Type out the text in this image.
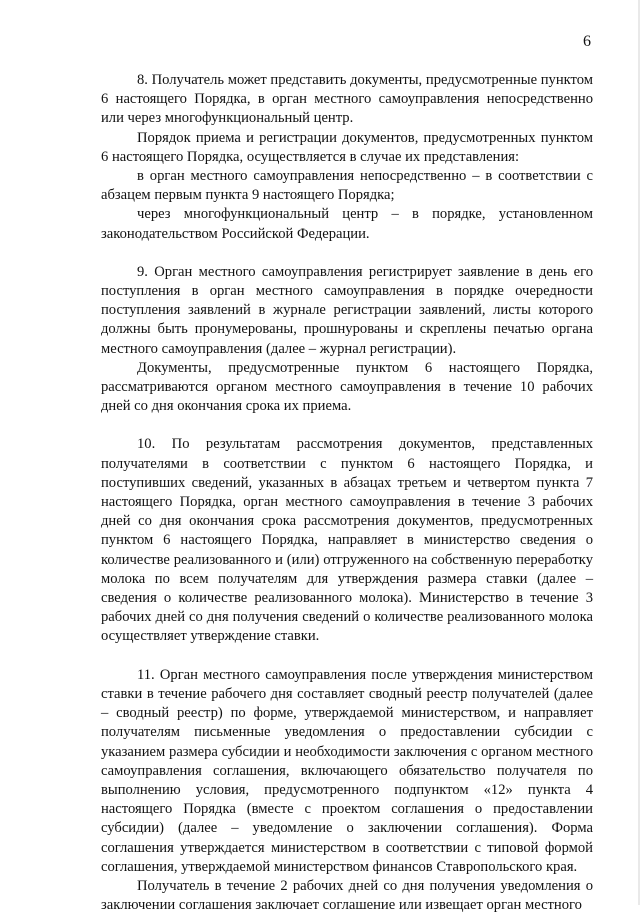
6

8. Получатель может представить документы, предусмотренные пунктом 6 настоящего Порядка, в орган местного самоуправления непосредственно или через многофункциональный центр.

Порядок приема и регистрации документов, предусмотренных пунктом 6 настоящего Порядка, осуществляется в случае их представления:

в орган местного самоуправления непосредственно – в соответствии с абзацем первым пункта 9 настоящего Порядка;

через многофункциональный центр – в порядке, установленном законодательством Российской Федерации.

9. Орган местного самоуправления регистрирует заявление в день его поступления в орган местного самоуправления в порядке очередности поступления заявлений в журнале регистрации заявлений, листы которого должны быть пронумерованы, прошнурованы и скреплены печатью органа местного самоуправления (далее – журнал регистрации).

Документы, предусмотренные пунктом 6 настоящего Порядка, рассматриваются органом местного самоуправления в течение 10 рабочих дней со дня окончания срока их приема.

10. По результатам рассмотрения документов, представленных получателями в соответствии с пунктом 6 настоящего Порядка, и поступивших сведений, указанных в абзацах третьем и четвертом пункта 7 настоящего Порядка, орган местного самоуправления в течение 3 рабочих дней со дня окончания срока рассмотрения документов, предусмотренных пунктом 6 настоящего Порядка, направляет в министерство сведения о количестве реализованного и (или) отгруженного на собственную переработку молока по всем получателям для утверждения размера ставки (далее – сведения о количестве реализованного молока). Министерство в течение 3 рабочих дней со дня получения сведений о количестве реализованного молока осуществляет утверждение ставки.

11. Орган местного самоуправления после утверждения министерством ставки в течение рабочего дня составляет сводный реестр получателей (далее – сводный реестр) по форме, утверждаемой министерством, и направляет получателям письменные уведомления о предоставлении субсидии с указанием размера субсидии и необходимости заключения с органом местного самоуправления соглашения, включающего обязательство получателя по выполнению условия, предусмотренного подпунктом «12» пункта 4 настоящего Порядка (вместе с проектом соглашения о предоставлении субсидии) (далее – уведомление о заключении соглашения). Форма соглашения утверждается министерством в соответствии с типовой формой соглашения, утверждаемой министерством финансов Ставропольского края.

Получатель в течение 2 рабочих дней со дня получения уведомления о заключении соглашения заключает соглашение или извещает орган местного
